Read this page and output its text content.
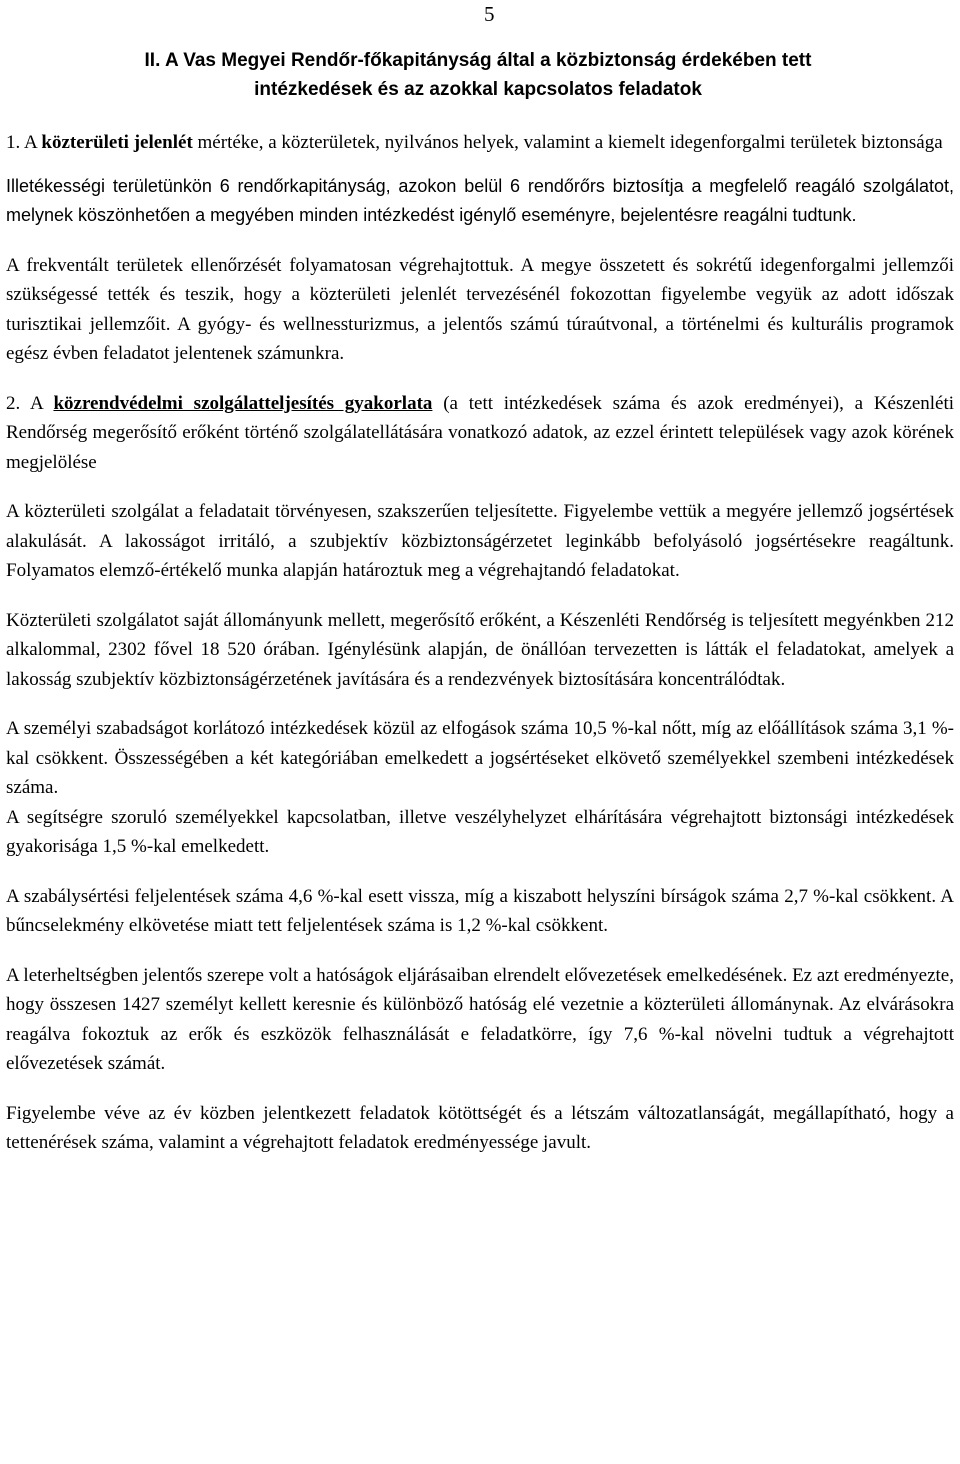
5
II. A Vas Megyei Rendőr-főkapitányság által a közbiztonság érdekében tett
intézkedések és az azokkal kapcsolatos feladatok

1. A közterületi jelenlét mértéke, a közterületek, nyilvános helyek, valamint a kiemelt idegenforgalmi területek biztonsága

Illetékességi területünkön 6 rendőrkapitányság, azokon belül 6 rendőrőrs biztosítja a megfelelő reagáló szolgálatot, melynek köszönhetően a megyében minden intézkedést igénylő eseményre, bejelentésre reagálni tudtunk.

A frekventált területek ellenőrzését folyamatosan végrehajtottuk. A megye összetett és sokrétű idegenforgalmi jellemzői szükségessé tették és teszik, hogy a közterületi jelenlét tervezésénél fokozottan figyelembe vegyük az adott időszak turisztikai jellemzőit. A gyógy- és wellnessturizmus, a jelentős számú túraútvonal, a történelmi és kulturális programok egész évben feladatot jelentenek számunkra.

2. A közrendvédelmi szolgálatteljesítés gyakorlata (a tett intézkedések száma és azok eredményei), a Készenléti Rendőrség megerősítő erőként történő szolgálatellátására vonatkozó adatok, az ezzel érintett települések vagy azok körének megjelölése

A közterületi szolgálat a feladatait törvényesen, szakszerűen teljesítette. Figyelembe vettük a megyére jellemző jogsértések alakulását. A lakosságot irritáló, a szubjektív közbiztonságérzetet leginkább befolyásoló jogsértésekre reagáltunk. Folyamatos elemző-értékelő munka alapján határoztuk meg a végrehajtandó feladatokat.

Közterületi szolgálatot saját állományunk mellett, megerősítő erőként, a Készenléti Rendőrség is teljesített megyénkben 212 alkalommal, 2302 fővel 18 520 órában. Igénylésünk alapján, de önállóan tervezetten is látták el feladatokat, amelyek a lakosság szubjektív közbiztonságérzetének javítására és a rendezvények biztosítására koncentrálódtak.

A személyi szabadságot korlátozó intézkedések közül az elfogások száma 10,5 %-kal nőtt, míg az előállítások száma 3,1 %-kal csökkent. Összességében a két kategóriában emelkedett a jogsértéseket elkövető személyekkel szembeni intézkedések száma.

A segítségre szoruló személyekkel kapcsolatban, illetve veszélyhelyzet elhárítására végrehajtott biztonsági intézkedések gyakorisága 1,5 %-kal emelkedett.

A szabálysértési feljelentések száma 4,6 %-kal esett vissza, míg a kiszabott helyszíni bírságok száma 2,7 %-kal csökkent. A bűncselekmény elkövetése miatt tett feljelentések száma is 1,2 %-kal csökkent.

A leterheltségben jelentős szerepe volt a hatóságok eljárásaiban elrendelt elővezetések emelkedésének. Ez azt eredményezte, hogy összesen 1427 személyt kellett keresnie és különböző hatóság elé vezetnie a közterületi állománynak. Az elvárásokra reagálva fokoztuk az erők és eszközök felhasználását e feladatkörre, így 7,6 %-kal növelni tudtuk a végrehajtott elővezetések számát.

Figyelembe véve az év közben jelentkezett feladatok kötöttségét és a létszám változatlanságát, megállapítható, hogy a tettenérések száma, valamint a végrehajtott feladatok eredményessége javult.
